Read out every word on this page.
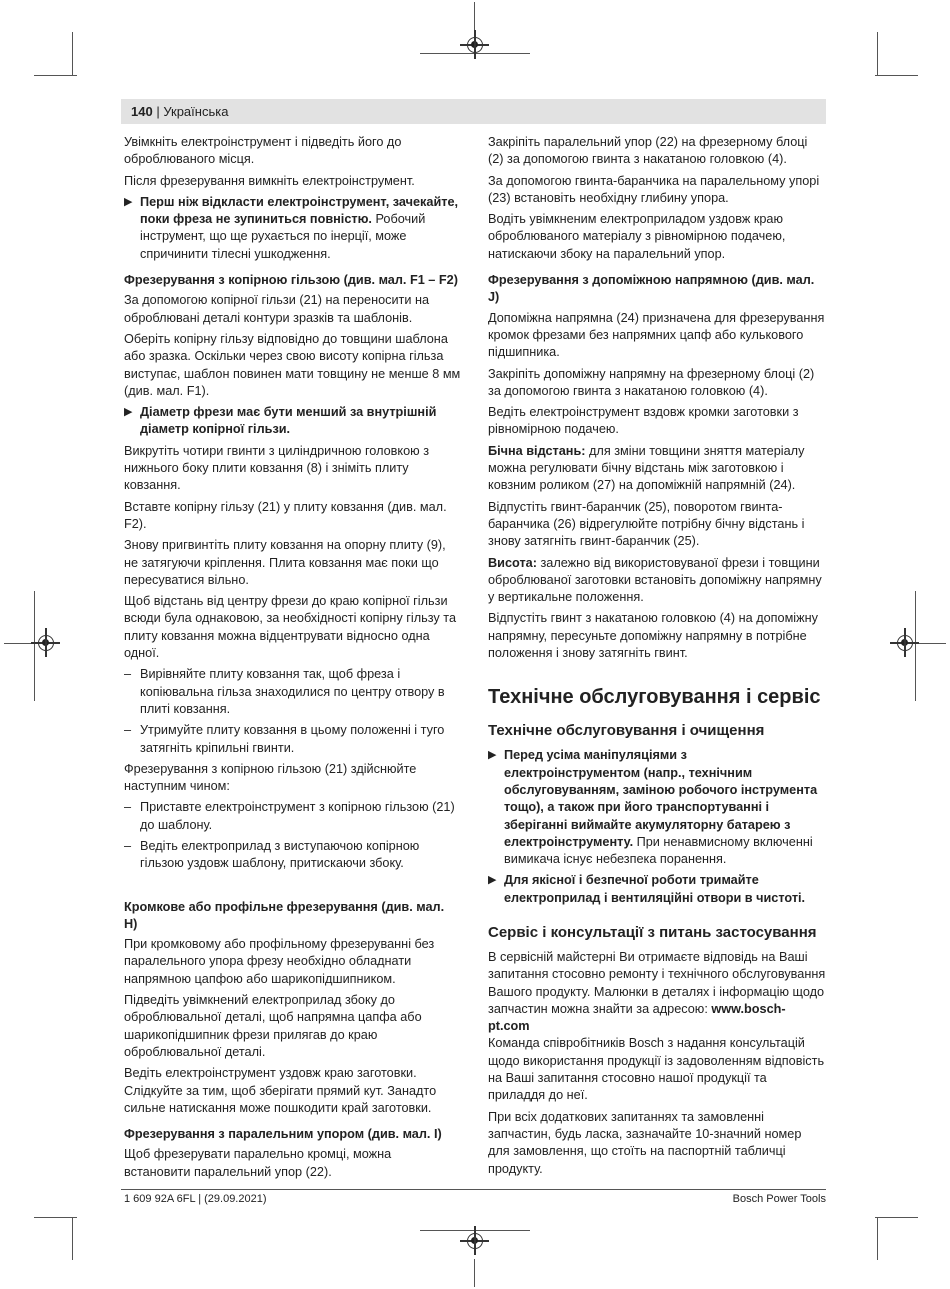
140 | Українська

Увімкніть електроінструмент і підведіть його до оброблюваного місця.

Після фрезерування вимкніть електроінструмент.

▶ Перш ніж відкласти електроінструмент, зачекайте, поки фреза не зупиниться повністю. Робочий інструмент, що ще рухається по інерції, може спричинити тілесні ушкодження.

Фрезерування з копірною гільзою (див. мал. F1 – F2)

За допомогою копірної гільзи (21) на переносити на оброблювані деталі контури зразків та шаблонів.

Оберіть копірну гільзу відповідно до товщини шаблона або зразка. Оскільки через свою висоту копірна гільза виступає, шаблон повинен мати товщину не менше 8 мм (див. мал. F1).

▶ Діаметр фрези має бути менший за внутрішній діаметр копірної гільзи.

Викрутіть чотири гвинти з циліндричною головкою з нижнього боку плити ковзання (8) і зніміть плиту ковзання.

Вставте копірну гільзу (21) у плиту ковзання (див. мал. F2).

Знову пригвинтіть плиту ковзання на опорну плиту (9), не затягуючи кріплення. Плита ковзання має поки що пересуватися вільно.

Щоб відстань від центру фрези до краю копірної гільзи всюди була однаковою, за необхідності копірну гільзу та плиту ковзання можна відцентрувати відносно одна одної.

– Вирівняйте плиту ковзання так, щоб фреза і копіювальна гільза знаходилися по центру отвору в плиті ковзання.
– Утримуйте плиту ковзання в цьому положенні і туго затягніть кріпильні гвинти.

Фрезерування з копірною гільзою (21) здійснюйте наступним чином:

– Приставте електроінструмент з копірною гільзою (21) до шаблону.
– Ведіть електроприлад з виступаючою копірною гільзою уздовж шаблону, притискаючи збоку.

Кромкове або профільне фрезерування (див. мал. H)

При кромковому або профільному фрезеруванні без паралельного упора фрезу необхідно обладнати напрямною цапфою або шарикопідшипником.

Підведіть увімкнений електроприлад збоку до оброблювальної деталі, щоб напрямна цапфа або шарикопідшипник фрези прилягав до краю оброблювальної деталі.

Ведіть електроінструмент уздовж краю заготовки. Слідкуйте за тим, щоб зберігати прямий кут. Занадто сильне натискання може пошкодити край заготовки.

Фрезерування з паралельним упором (див. мал. I)

Щоб фрезерувати паралельно кромці, можна встановити паралельний упор (22).

Закріпіть паралельний упор (22) на фрезерному блоці (2) за допомогою гвинта з накатаною головкою (4).

За допомогою гвинта-баранчика на паралельному упорі (23) встановіть необхідну глибину упора.

Водіть увімкненим електроприладом уздовж краю оброблюваного матеріалу з рівномірною подачею, натискаючи збоку на паралельний упор.

Фрезерування з допоміжною напрямною (див. мал. J)

Допоміжна напрямна (24) призначена для фрезерування кромок фрезами без напрямних цапф або кулькового підшипника.

Закріпіть допоміжну напрямну на фрезерному блоці (2) за допомогою гвинта з накатаною головкою (4).

Ведіть електроінструмент вздовж кромки заготовки з рівномірною подачею.

Бічна відстань: для зміни товщини зняття матеріалу можна регулювати бічну відстань між заготовкою і ковзним роликом (27) на допоміжній напрямній (24).

Відпустіть гвинт-баранчик (25), поворотом гвинта-баранчика (26) відрегулюйте потрібну бічну відстань і знову затягніть гвинт-баранчик (25).

Висота: залежно від використовуваної фрези і товщини оброблюваної заготовки встановіть допоміжну напрямну у вертикальне положення.

Відпустіть гвинт з накатаною головкою (4) на допоміжну напрямну, пересуньте допоміжну напрямну в потрібне положення і знову затягніть гвинт.

Технічне обслуговування і сервіс
Технічне обслуговування і очищення
▶ Перед усіма маніпуляціями з електроінструментом (напр., технічним обслуговуванням, заміною робочого інструмента тощо), а також при його транспортуванні і зберіганні виймайте акумуляторну батарею з електроінструменту. При ненавмисному включенні вимикача існує небезпека поранення.
▶ Для якісної і безпечної роботи тримайте електроприлад і вентиляційні отвори в чистоті.
Сервіс і консультації з питань застосування

В сервісній майстерні Ви отримаєте відповідь на Ваші запитання стосовно ремонту і технічного обслуговування Вашого продукту. Малюнки в деталях і інформацію щодо запчастин можна знайти за адресою: www.bosch-pt.com
Команда співробітників Bosch з надання консультацій щодо використання продукції із задоволенням відповість на Ваші запитання стосовно нашої продукції та приладдя до неї.

При всіх додаткових запитаннях та замовленні запчастин, будь ласка, зазначайте 10‑значний номер для замовлення, що стоїть на паспортній табличці продукту.

1 609 92A 6FL | (29.09.2021)	Bosch Power Tools
